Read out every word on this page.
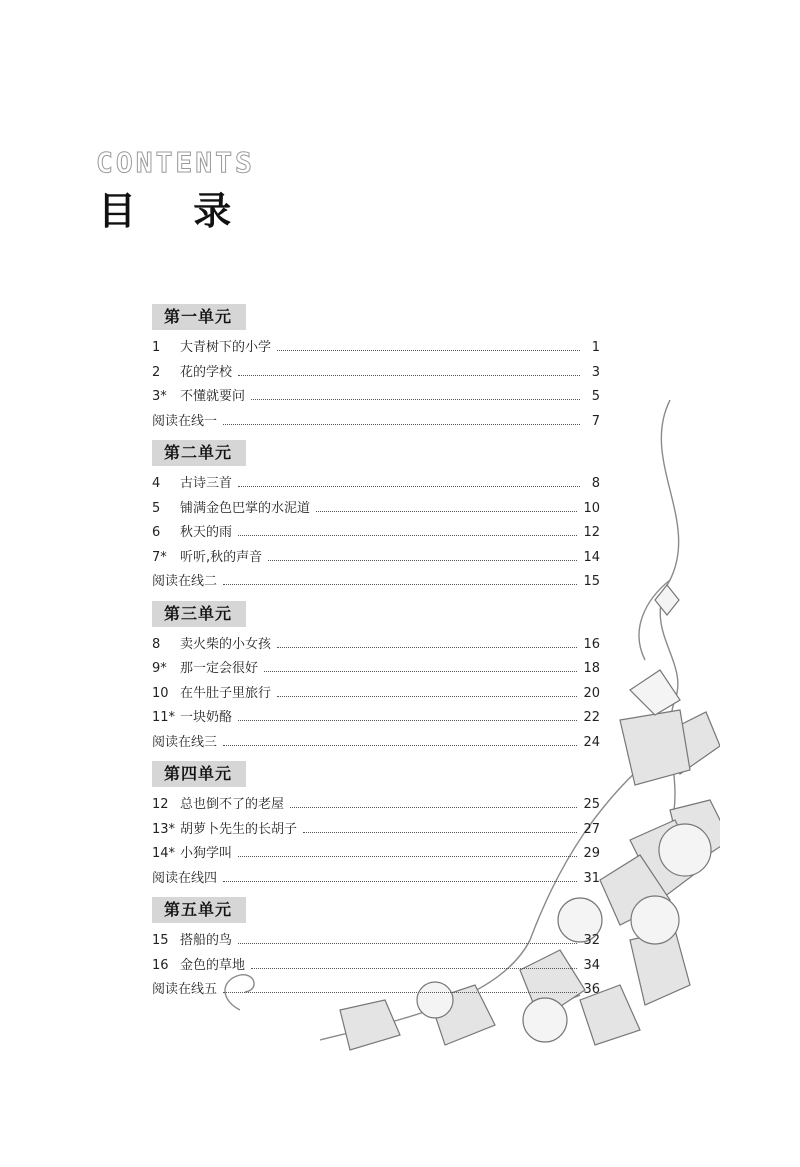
CONTENTS
目 录
第一单元
1	大青树下的小学	1
2	花的学校	3
3*	不懂就要问	5
阅读在线一	7
第二单元
4	古诗三首	8
5	铺满金色巴掌的水泥道	10
6	秋天的雨	12
7*	听听,秋的声音	14
阅读在线二	15
第三单元
8	卖火柴的小女孩	16
9*	那一定会很好	18
10 在牛肚子里旅行	20
11* 一块奶酪	22
阅读在线三	24
第四单元
12 总也倒不了的老屋	25
13* 胡萝卜先生的长胡子	27
14* 小狗学叫	29
阅读在线四	31
第五单元
15 搭船的鸟	32
16 金色的草地	34
阅读在线五	36
